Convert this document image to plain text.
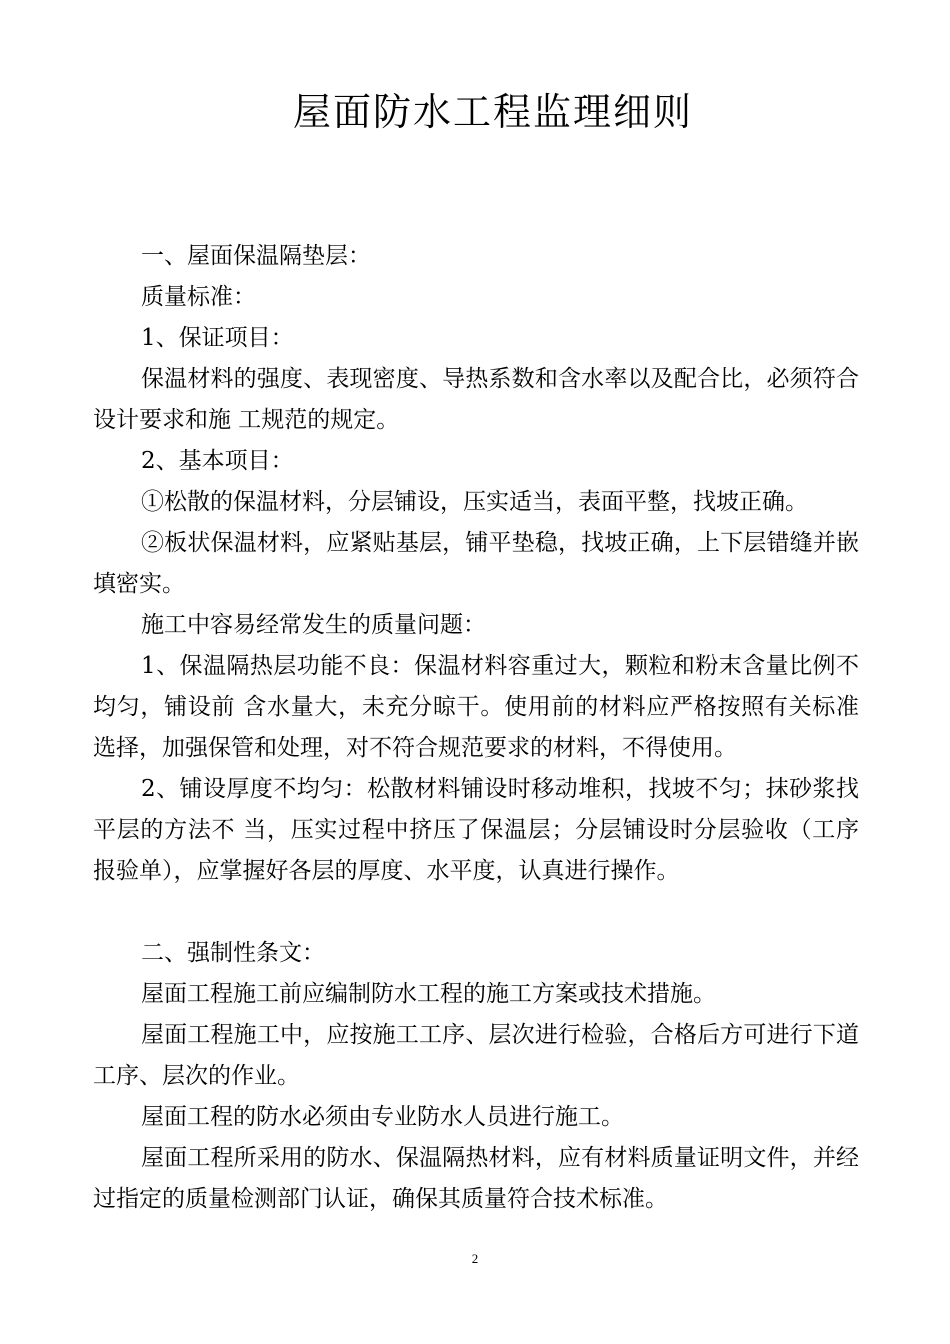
屋面防水工程监理细则

一、屋面保温隔垫层：

质量标准：

1、保证项目：

保温材料的强度、表现密度、导热系数和含水率以及配合比，必须符合设计要求和施 工规范的规定。

2、基本项目：

①松散的保温材料，分层铺设，压实适当，表面平整，找坡正确。

②板状保温材料，应紧贴基层，铺平垫稳，找坡正确，上下层错缝并嵌填密实。

施工中容易经常发生的质量问题：

1、保温隔热层功能不良：保温材料容重过大，颗粒和粉末含量比例不均匀，铺设前 含水量大，未充分晾干。使用前的材料应严格按照有关标准选择，加强保管和处理，对不符合规范要求的材料，不得使用。

2、铺设厚度不均匀：松散材料铺设时移动堆积，找坡不匀；抹砂浆找平层的方法不 当，压实过程中挤压了保温层；分层铺设时分层验收（工序报验单），应掌握好各层的厚度、水平度，认真进行操作。

二、强制性条文：

屋面工程施工前应编制防水工程的施工方案或技术措施。

屋面工程施工中，应按施工工序、层次进行检验，合格后方可进行下道工序、层次的作业。

屋面工程的防水必须由专业防水人员进行施工。

屋面工程所采用的防水、保温隔热材料，应有材料质量证明文件，并经过指定的质量检测部门认证，确保其质量符合技术标准。

2
